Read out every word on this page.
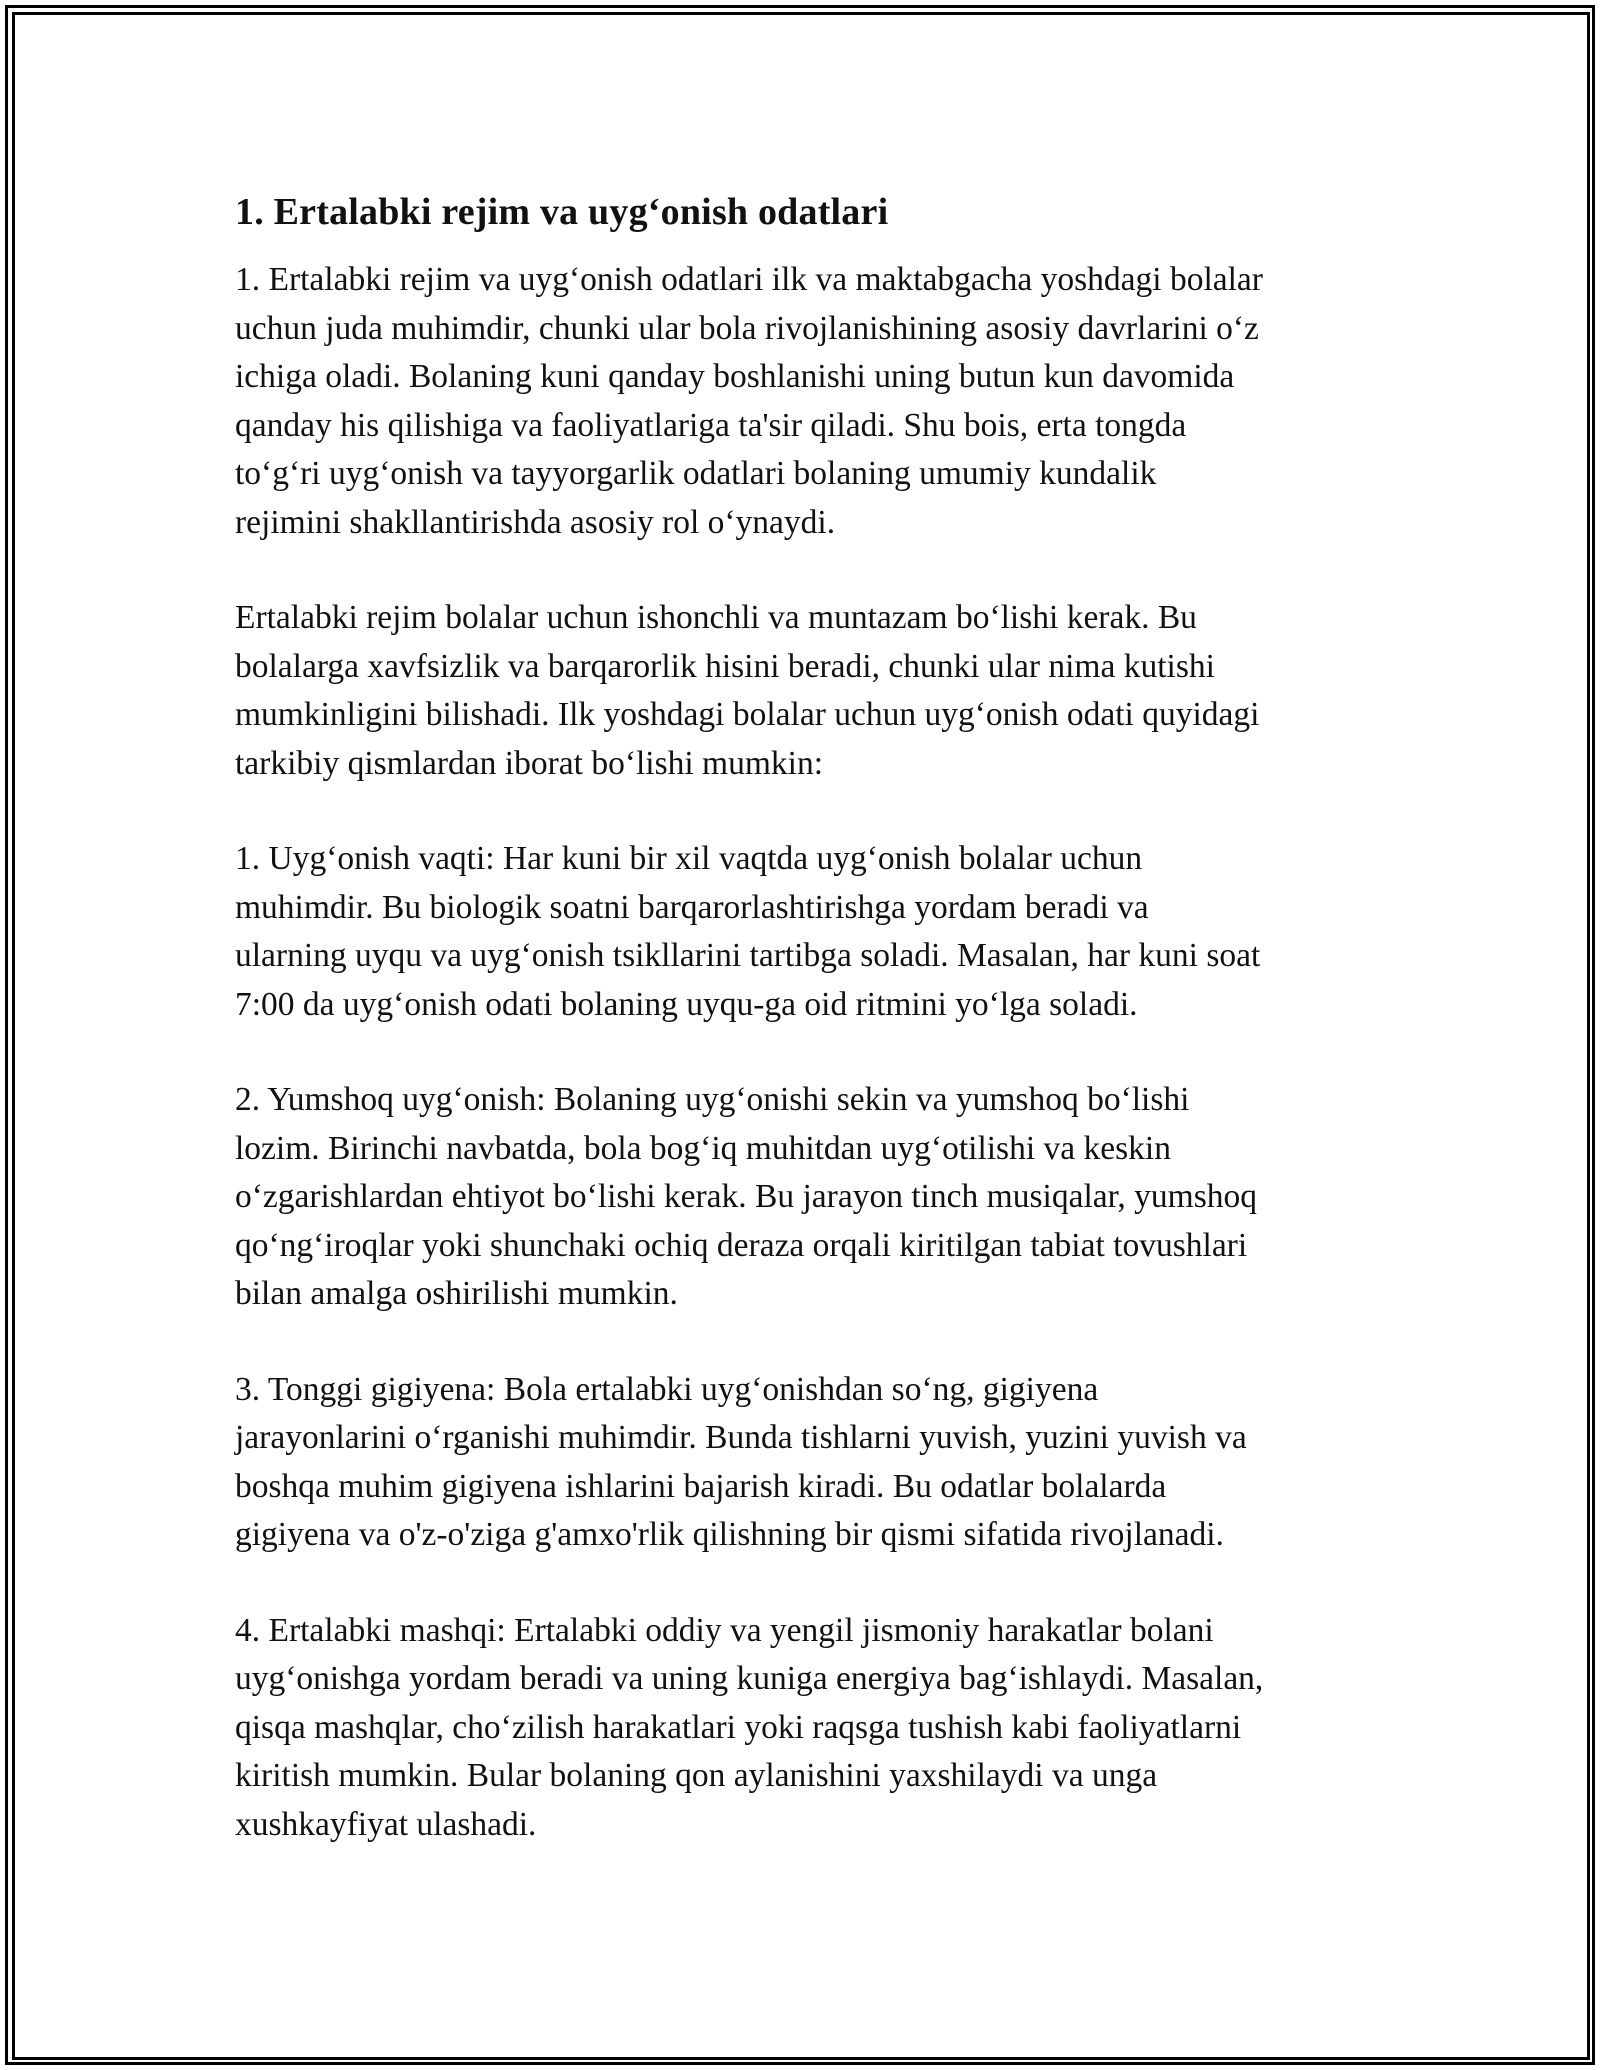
1. Ertalabki rejim va uyg‘onish odatlari

1. Ertalabki rejim va uyg‘onish odatlari ilk va maktabgacha yoshdagi bolalar
uchun juda muhimdir, chunki ular bola rivojlanishining asosiy davrlarini o‘z
ichiga oladi. Bolaning kuni qanday boshlanishi uning butun kun davomida
qanday his qilishiga va faoliyatlariga ta'sir qiladi. Shu bois, erta tongda
to‘g‘ri uyg‘onish va tayyorgarlik odatlari bolaning umumiy kundalik
rejimini shakllantirishda asosiy rol o‘ynaydi.

Ertalabki rejim bolalar uchun ishonchli va muntazam bo‘lishi kerak. Bu
bolalarga xavfsizlik va barqarorlik hisini beradi, chunki ular nima kutishi
mumkinligini bilishadi. Ilk yoshdagi bolalar uchun uyg‘onish odati quyidagi
tarkibiy qismlardan iborat bo‘lishi mumkin:

1. Uyg‘onish vaqti: Har kuni bir xil vaqtda uyg‘onish bolalar uchun
muhimdir. Bu biologik soatni barqarorlashtirishga yordam beradi va
ularning uyqu va uyg‘onish tsikllarini tartibga soladi. Masalan, har kuni soat
7:00 da uyg‘onish odati bolaning uyqu-ga oid ritmini yo‘lga soladi.

2. Yumshoq uyg‘onish: Bolaning uyg‘onishi sekin va yumshoq bo‘lishi
lozim. Birinchi navbatda, bola bog‘iq muhitdan uyg‘otilishi va keskin
o‘zgarishlardan ehtiyot bo‘lishi kerak. Bu jarayon tinch musiqalar, yumshoq
qo‘ng‘iroqlar yoki shunchaki ochiq deraza orqali kiritilgan tabiat tovushlari
bilan amalga oshirilishi mumkin.

3. Tonggi gigiyena: Bola ertalabki uyg‘onishdan so‘ng, gigiyena
jarayonlarini o‘rganishi muhimdir. Bunda tishlarni yuvish, yuzini yuvish va
boshqa muhim gigiyena ishlarini bajarish kiradi. Bu odatlar bolalarda
gigiyena va o'z-o'ziga g'amxo'rlik qilishning bir qismi sifatida rivojlanadi.

4. Ertalabki mashqi: Ertalabki oddiy va yengil jismoniy harakatlar bolani
uyg‘onishga yordam beradi va uning kuniga energiya bag‘ishlaydi. Masalan,
qisqa mashqlar, cho‘zilish harakatlari yoki raqsga tushish kabi faoliyatlarni
kiritish mumkin. Bular bolaning qon aylanishini yaxshilaydi va unga
xushkayfiyat ulashadi.
